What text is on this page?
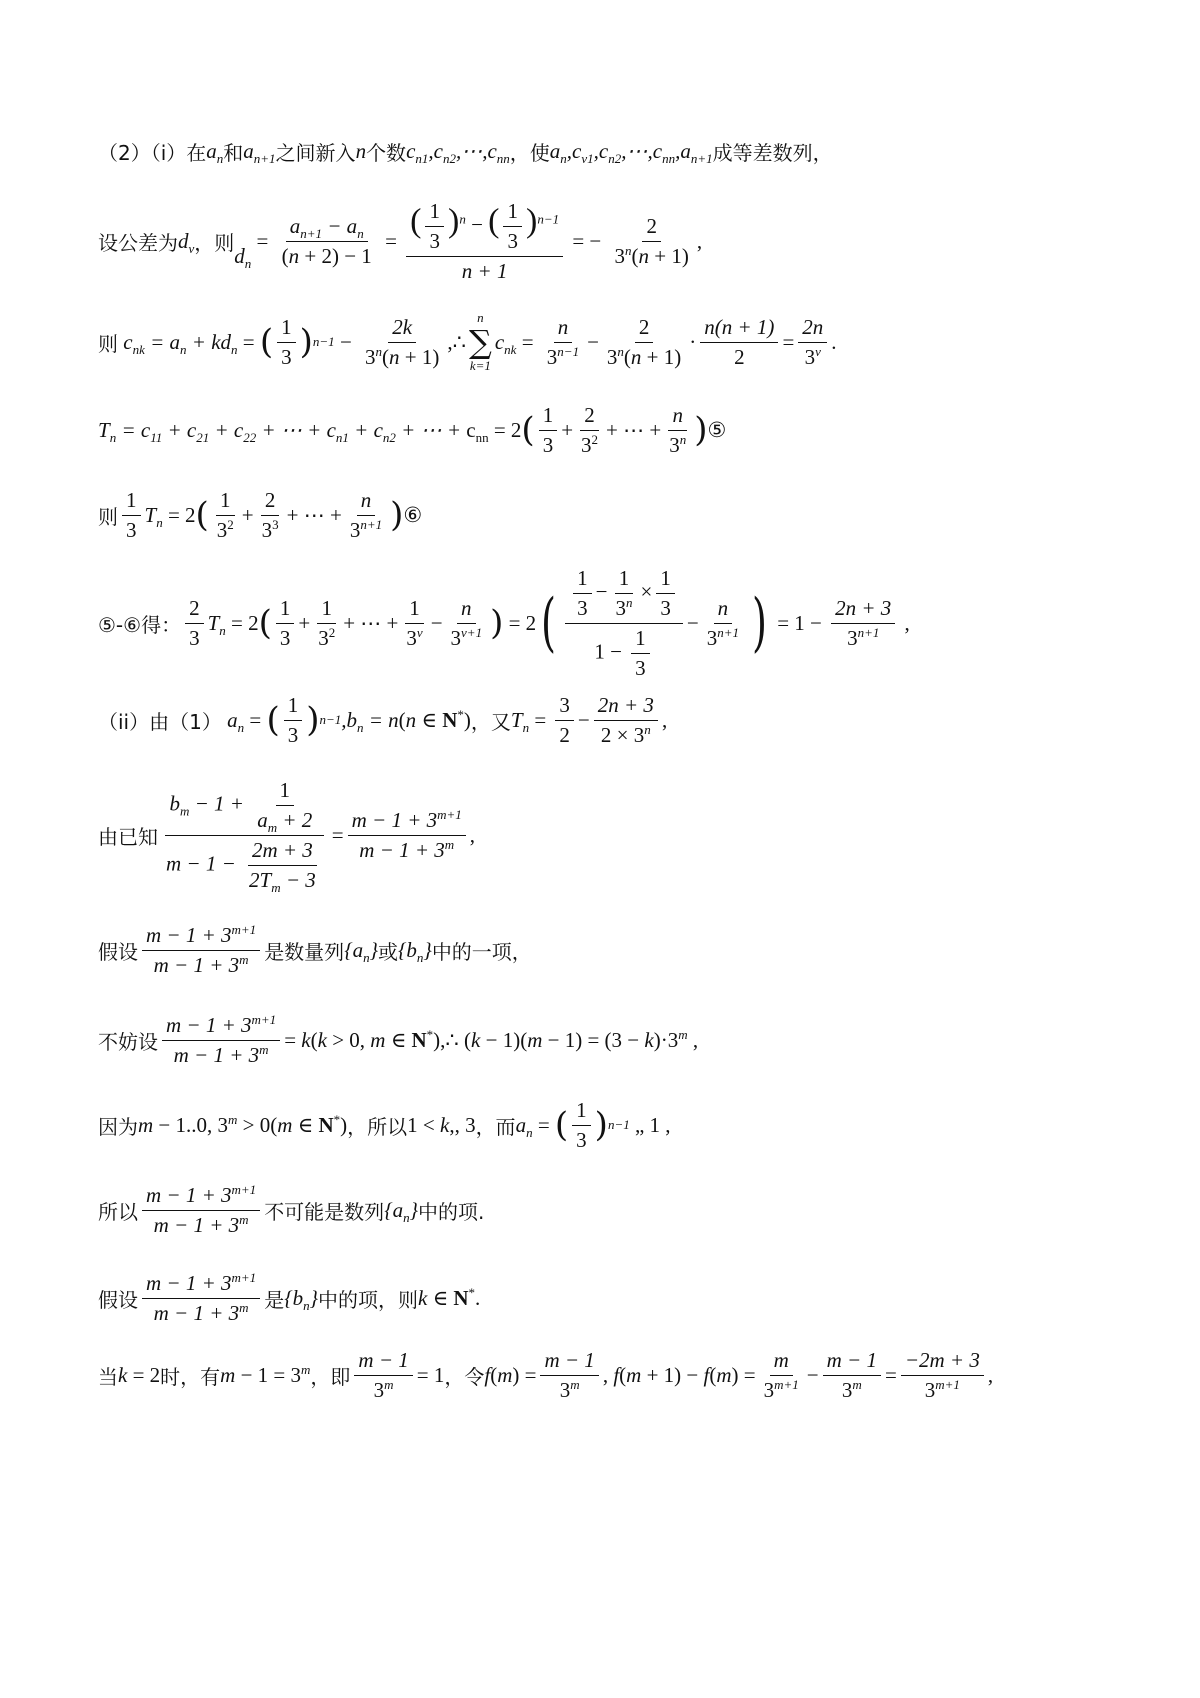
（2）（i）在 $a_n$ 和 $a_{n+1}$ 之间新入 n 个数 $c_{n1},c_{n2},\cdots,c_{nn}$ ，使 $a_n,c_{v1},c_{n2},\cdots,c_{nn},a_{n+1}$ 成等差数列，
设公差为 $d_v$ ，则
$d_n$
= $\frac{a_{n+1} - a_n}{(n + 2) - 1} = \frac{( \frac{1}{3} )^n - ( \frac{1}{3} )^{n-1}}{n + 1}$ = − $\frac{2}{3^n(n + 1)}$ ,
则 $c_{nk} = a_n + kd_n$ = ( $\frac{1}{3}$ ) $n-1 - \frac{2k}{3^n(n + 1)}$ ,∴
n
∑
k=1
$c_{nk} = \frac{n}{3^{n-1}} - \frac{2}{3^n(n + 1)} \cdot \frac{n(n + 1)}{2} = \frac{2n}{3^v}$ .
$T_n = c_{11} + c_{21} + c_{22}$ + ⋯ + $c_{n1} + c_{n2}$ + ⋯ + $c_{nn} = 2$ ( $\frac{1}{3} + \frac{2}{3^2}$ + ⋯ + $\frac{n}{3^n}$ ) ⑤
则 $\frac{1}{3} T_n = 2$ ( $\frac{1}{3^2} + \frac{2}{3^3}$ + ⋯ + $\frac{n}{3^{n+1}}$ ) ⑥
⑤-⑥得： $\frac{2}{3} T_n = 2$ ( $\frac{1}{3} + \frac{1}{3^2}$ + ⋯ + $\frac{1}{3^v} - \frac{n}{3^{v+1}}$ ) = 2 ( $\frac{\frac{1}{3} - \frac{1}{3^n} \times \frac{1}{3}}{1 - \frac{1}{3}} - \frac{n}{3^{n+1}}$ ) = $1 - \frac{2n + 3}{3^{n+1}}$ ,
（ii）由（1） $a_n$ = ( $\frac{1}{3}$ ) n−1 $,b_n = n$ (n ∈ N*) ，又 $T_n = \frac{3}{2} - \frac{2n + 3}{2 \times 3^n}$ ,
由已知 $\frac{b_m - 1 + \frac{1}{a_m + 2}}{m - 1 - \frac{2m + 3}{2T_m - 3}} = \frac{m - 1 + 3^{m+1}}{m - 1 + 3^m}$ ,
假设 $\frac{m - 1 + 3^{m+1}}{m - 1 + 3^m}$ 是数量列 $\{a_n\}$ 或 $\{b_n\}$ 中的一项，
不妨设 $\frac{m - 1 + 3^{m+1}}{m - 1 + 3^m} = k$ (k > 0, m ∈ N*),∴ $(k - 1)(m - 1) = (3 - k)\cdot 3^m$ ,
因为 m − 1..0, $3^m > 0(m$ ∈ N*) ，所以 1 < k,, 3 ，而 $a_n$ = ( $\frac{1}{3}$ ) n−1 „ 1 ,
所以 $\frac{m - 1 + 3^{m+1}}{m - 1 + 3^m}$ 不可能是数列 $\{a_n\}$ 中的项.
假设 $\frac{m - 1 + 3^{m+1}}{m - 1 + 3^m}$ 是 $\{b_n\}$ 中的项，则 k ∈ N*.
当 k = 2 时，有 $m - 1 = 3^m$ ，即 $\frac{m - 1}{3^m} = 1$ ，令 f $(m) = \frac{m - 1}{3^m}$ , $f(m + 1) - f(m) = \frac{m}{3^{m+1}} - \frac{m - 1}{3^m} = \frac{-2m + 3}{3^{m+1}}$ ,
